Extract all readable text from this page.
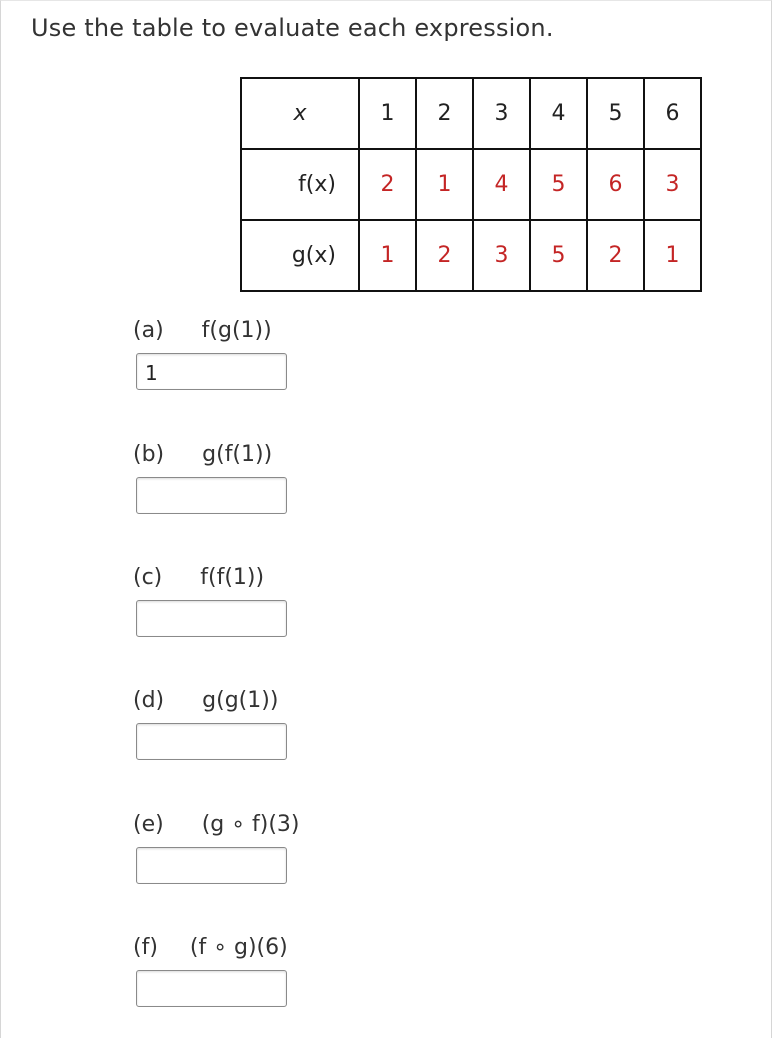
Use the table to evaluate each expression.
x	1	2	3	4	5	6
f(x)	2	1	4	5	6	3
g(x)	1	2	3	5	2	1
(a) f(g(1))
1
(b) g(f(1))
(c) f(f(1))
(d) g(g(1))
(e) (g ∘ f)(3)
(f) (f ∘ g)(6)
